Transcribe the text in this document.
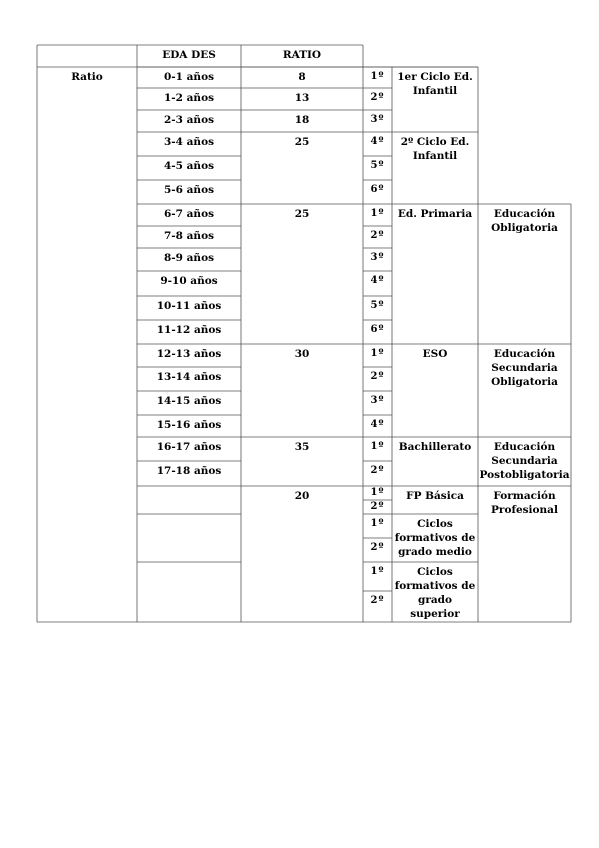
EDA DES	RATIO
Ratio	0-1 años
1-2 años
2-3 años
3-4 años
4-5 años
5-6 años
6-7 años
7-8 años
8-9 años
9-10 años
10-11 años
11-12 años
12-13 años
13-14 años
14-15 años
15-16 años
16-17 años
17-18 años
8
13
18
25
25
30
35
20
1º
2º
3º
4º
5º
6º
1º
2º
3º
4º
5º
6º
1º
2º
3º
4º
1º
2º
1º
2º
1º
2º
1º
2º
1er Ciclo Ed. Infantil
2º Ciclo Ed. Infantil
Ed. Primaria
ESO
Bachillerato
FP Básica
Ciclos formativos de grado medio
Ciclos formativos de grado superior
Educación Obligatoria
Educación Secundaria Obligatoria
Educación Secundaria Postobligatoria
Formación Profesional
